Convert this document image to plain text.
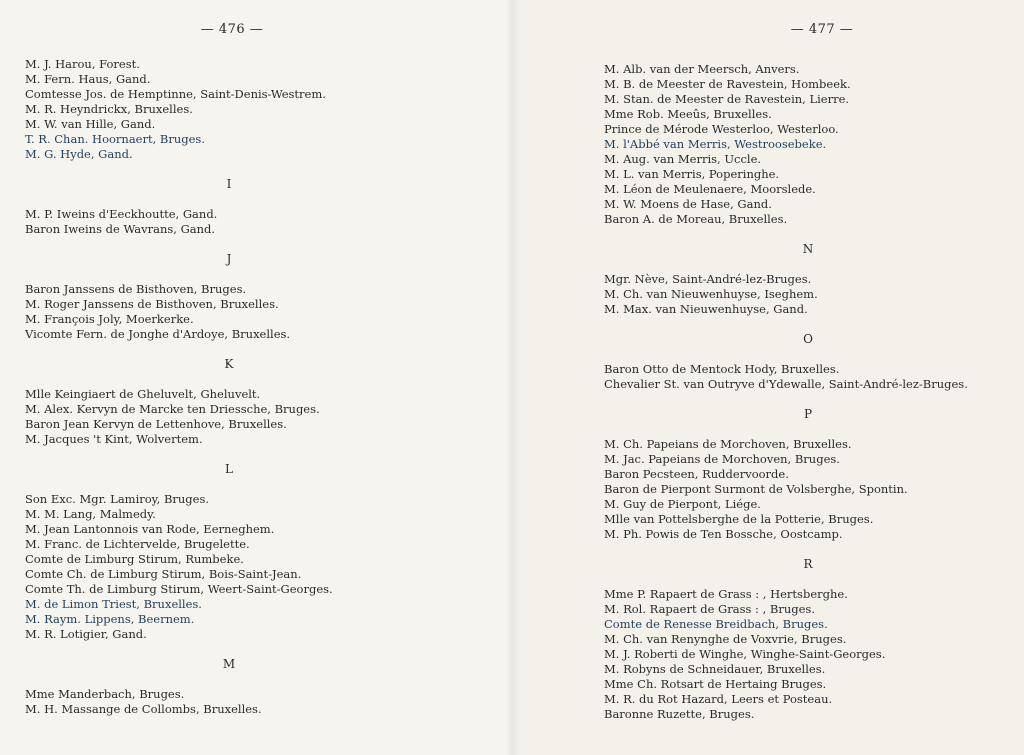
— 476 —
M. J. Harou, Forest.
M. Fern. Haus, Gand.
Comtesse Jos. de Hemptinne, Saint-Denis-Westrem.
M. R. Heyndrickx, Bruxelles.
M. W. van Hille, Gand.
T. R. Chan. Hoornaert, Bruges.
M. G. Hyde, Gand.
I
M. P. Iweins d'Eeckhoutte, Gand.
Baron Iweins de Wavrans, Gand.
J
Baron Janssens de Bisthoven, Bruges.
M. Roger Janssens de Bisthoven, Bruxelles.
M. François Joly, Moerkerke.
Vicomte Fern. de Jonghe d'Ardoye, Bruxelles.
K
Mlle Keingiaert de Gheluvelt, Gheluvelt.
M. Alex. Kervyn de Marcke ten Driessche, Bruges.
Baron Jean Kervyn de Lettenhove, Bruxelles.
M. Jacques 't Kint, Wolvertem.
L
Son Exc. Mgr. Lamiroy, Bruges.
M. M. Lang, Malmedy.
M. Jean Lantonnois van Rode, Eerneghem.
M. Franc. de Lichtervelde, Brugelette.
Comte de Limburg Stirum, Rumbeke.
Comte Ch. de Limburg Stirum, Bois-Saint-Jean.
Comte Th. de Limburg Stirum, Weert-Saint-Georges.
M. de Limon Triest, Bruxelles.
M. Raym. Lippens, Beernem.
M. R. Lotigier, Gand.
M
Mme Manderbach, Bruges.
M. H. Massange de Collombs, Bruxelles.
— 477 —
M. Alb. van der Meersch, Anvers.
M. B. de Meester de Ravestein, Hombeek.
M. Stan. de Meester de Ravestein, Lierre.
Mme Rob. Meeûs, Bruxelles.
Prince de Mérode Westerloo, Westerloo.
M. l'Abbé van Merris, Westroosebeke.
M. Aug. van Merris, Uccle.
M. L. van Merris, Poperinghe.
M. Léon de Meulenaere, Moorslede.
M. W. Moens de Hase, Gand.
Baron A. de Moreau, Bruxelles.
N
Mgr. Nève, Saint-André-lez-Bruges.
M. Ch. van Nieuwenhuyse, Iseghem.
M. Max. van Nieuwenhuyse, Gand.
O
Baron Otto de Mentock Hody, Bruxelles.
Chevalier St. van Outryve d'Ydewalle, Saint-André-lez-Bruges.
P
M. Ch. Papeians de Morchoven, Bruxelles.
M. Jac. Papeians de Morchoven, Bruges.
Baron Pecsteen, Ruddervoorde.
Baron de Pierpont Surmont de Volsberghe, Spontin.
M. Guy de Pierpont, Liége.
Mlle van Pottelsberghe de la Potterie, Bruges.
M. Ph. Powis de Ten Bossche, Oostcamp.
R
Mme P. Rapaert de Grass : , Hertsberghe.
M. Rol. Rapaert de Grass : , Bruges.
Comte de Renesse Breidbach, Bruges.
M. Ch. van Renynghe de Voxvrie, Bruges.
M. J. Roberti de Winghe, Winghe-Saint-Georges.
M. Robyns de Schneidauer, Bruxelles.
Mme Ch. Rotsart de Hertaing Bruges.
M. R. du Rot Hazard, Leers et Posteau.
Baronne Ruzette, Bruges.
